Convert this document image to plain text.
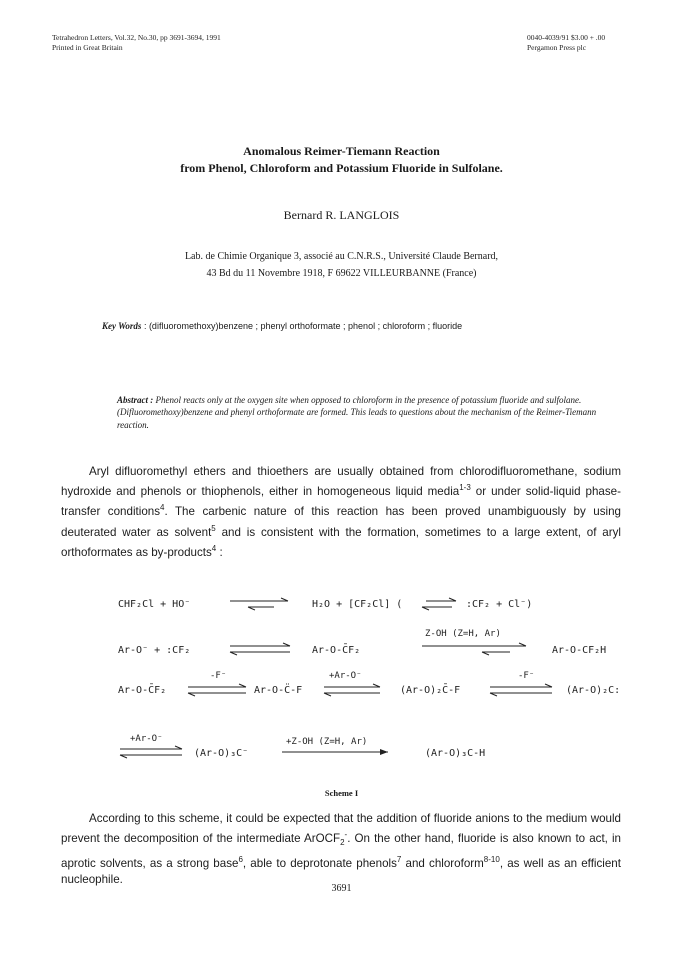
Tetrahedron Letters, Vol.32, No.30, pp 3691-3694, 1991
Printed in Great Britain
0040-4039/91 $3.00 + .00
Pergamon Press plc
Anomalous Reimer-Tiemann Reaction
from Phenol, Chloroform and Potassium Fluoride in Sulfolane.
Bernard R. LANGLOIS
Lab. de Chimie Organique 3, associé au C.N.R.S., Université Claude Bernard,
43 Bd du 11 Novembre 1918, F 69622 VILLEURBANNE (France)
Key Words : (difluoromethoxy)benzene ; phenyl orthoformate ; phenol ; chloroform ; fluoride
Abstract : Phenol reacts only at the oxygen site when opposed to chloroform in the presence of potassium fluoride and sulfolane. (Difluoromethoxy)benzene and phenyl orthoformate are formed. This leads to questions about the mechanism of the Reimer-Tiemann reaction.

Aryl difluoromethyl ethers and thioethers are usually obtained from chlorodifluoromethane, sodium hydroxide and phenols or thiophenols, either in homogeneous liquid media$^{1-3}$ or under solid-liquid phase-transfer conditions$^4$. The carbenic nature of this reaction has been proved unambiguously by using deuterated water as solvent$^5$ and is consistent with the formation, sometimes to a large extent, of aryl orthoformates as by-products$^4$ :

CHF₂Cl + HO⁻	H₂O + [CF₂Cl] ( ⇌ :CF₂ + Cl⁻)
Ar-O⁻ + :CF₂	Ar-O-C̄F₂
Z-OH (Z=H, Ar)
Ar-O-CF₂H
Ar-O-C̄F₂
-F⁻
⇌ Ar-O-C̈-F
+Ar-O⁻
⇌ (Ar-O)₂C̄-F
-F⁻
(Ar-O)₂C:
+Ar-O⁻
(Ar-O)₃C⁻
+Z-OH (Z=H, Ar)
(Ar-O)₃C-H
Scheme I

According to this scheme, it could be expected that the addition of fluoride anions to the medium would prevent the decomposition of the intermediate ArOCF$_2$-. On the other hand, fluoride is also known to act, in aprotic solvents, as a strong base$^6$, able to deprotonate phenols$^7$ and chloroform$^{8-10}$, as well as an efficient nucleophile.

3691
